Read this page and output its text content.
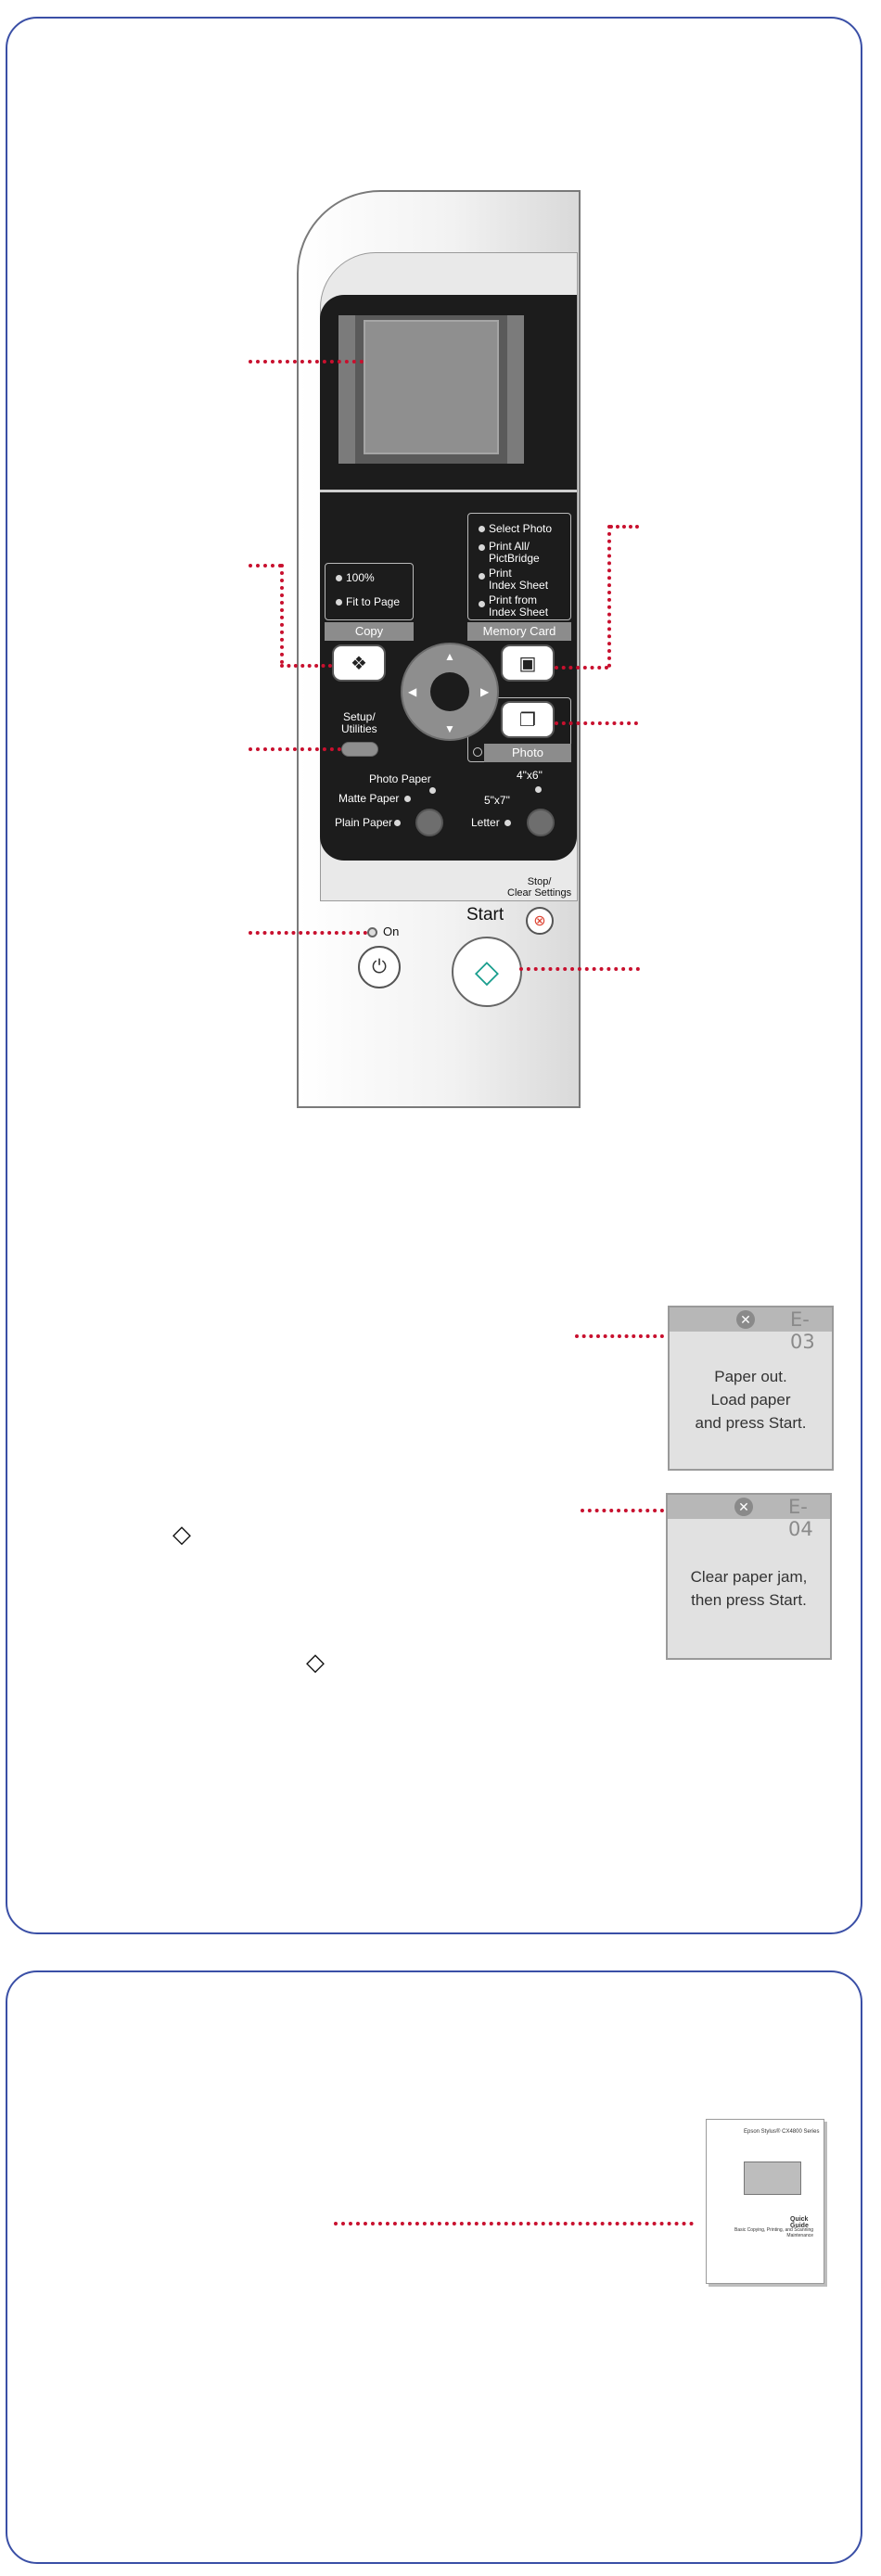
100%
Fit to Page
Copy
❖
Select Photo
Print All/
PictBridge
Print
Index Sheet
Print from
Index Sheet
Memory Card
▣
❐
Photo
▲
▼
◀	▶
Setup/
Utilities
Photo Paper
Matte Paper
Plain Paper
4"x6"
5"x7"
Letter
On
⏻
Start
◇
Stop/
Clear Settings
⊗
✕ E-03
Paper out.
Load paper
and press Start.
✕ E-04
Clear paper jam,
then press Start.
◇
◇
Epson Stylus® CX4800 Series
Quick Guide
Basic Copying, Printing, and Scanning
Maintenance
